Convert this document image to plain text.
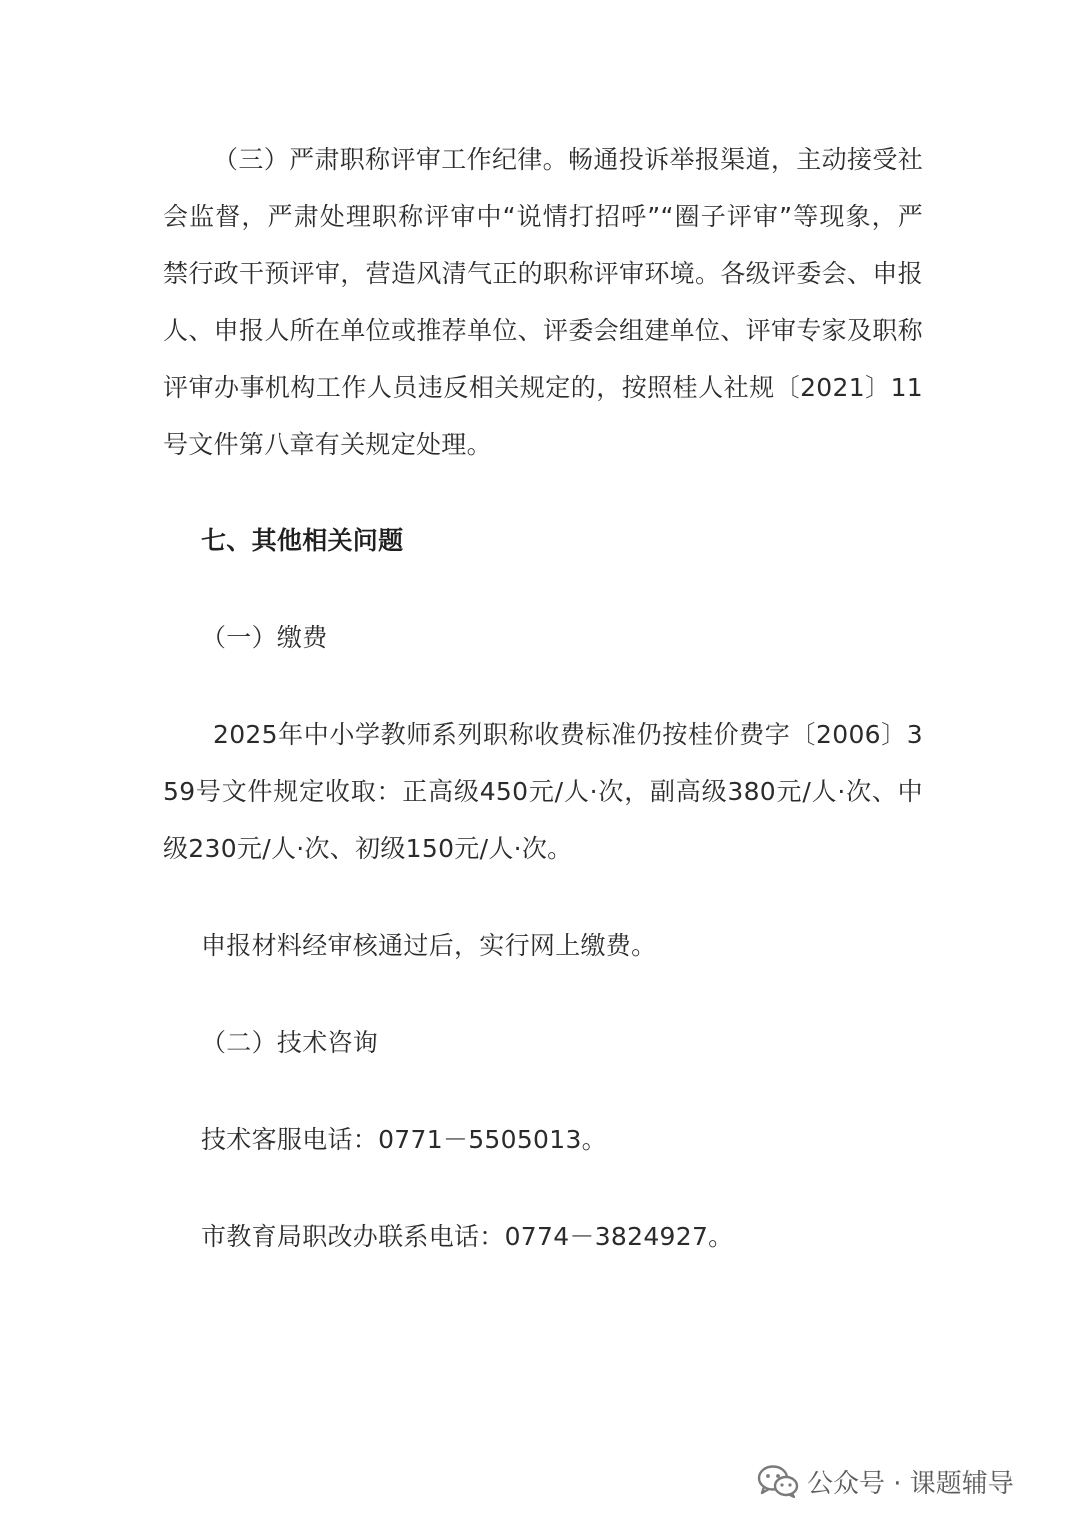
（三）严肃职称评审工作纪律。畅通投诉举报渠道，主动接受社会监督，严肃处理职称评审中“说情打招呼”“圈子评审”等现象，严禁行政干预评审，营造风清气正的职称评审环境。各级评委会、申报人、申报人所在单位或推荐单位、评委会组建单位、评审专家及职称评审办事机构工作人员违反相关规定的，按照桂人社规〔2021〕11号文件第八章有关规定处理。

七、其他相关问题

（一）缴费

2025年中小学教师系列职称收费标准仍按桂价费字〔2006〕359号文件规定收取：正高级450元/人·次，副高级380元/人·次、中级230元/人·次、初级150元/人·次。

申报材料经审核通过后，实行网上缴费。

（二）技术咨询

技术客服电话：0771－5505013。

市教育局职改办联系电话：0774－3824927。

公众号 · 课题辅导
